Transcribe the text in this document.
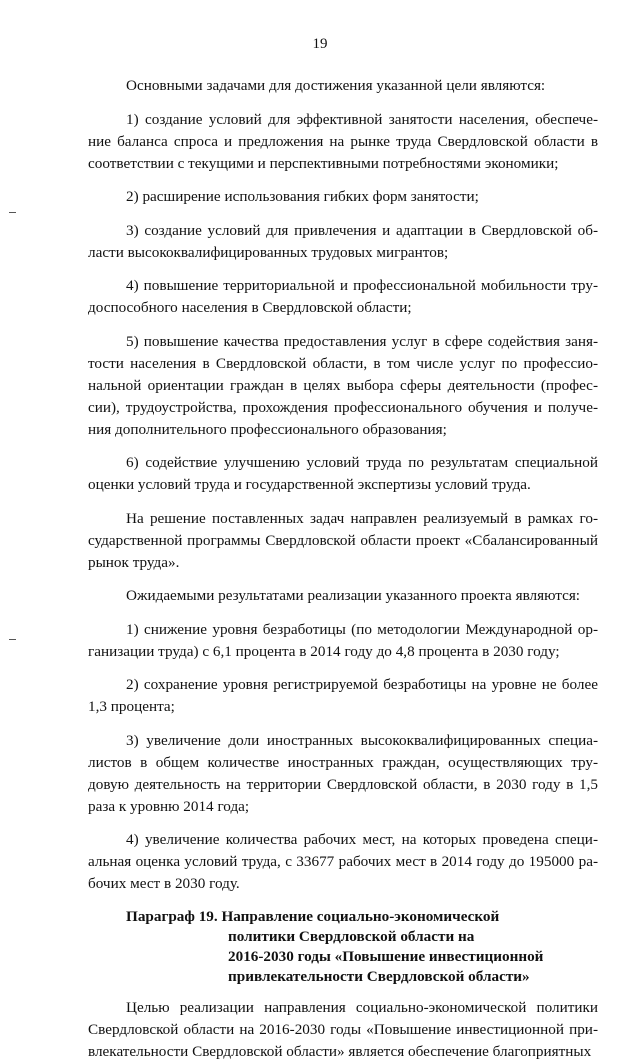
19

Основными задачами для достижения указанной цели являются:

1) создание условий для эффективной занятости населения, обеспечение баланса спроса и предложения на рынке труда Свердловской области в соответствии с текущими и перспективными потребностями экономики;

2) расширение использования гибких форм занятости;

3) создание условий для привлечения и адаптации в Свердловской области высококвалифицированных трудовых мигрантов;

4) повышение территориальной и профессиональной мобильности трудоспособного населения в Свердловской области;

5) повышение качества предоставления услуг в сфере содействия занятости населения в Свердловской области, в том числе услуг по профессиональной ориентации граждан в целях выбора сферы деятельности (профессии), трудоустройства, прохождения профессионального обучения и получения дополнительного профессионального образования;

6) содействие улучшению условий труда по результатам специальной оценки условий труда и государственной экспертизы условий труда.

На решение поставленных задач направлен реализуемый в рамках государственной программы Свердловской области проект «Сбалансированный рынок труда».

Ожидаемыми результатами реализации указанного проекта являются:

1) снижение уровня безработицы (по методологии Международной организации труда) с 6,1 процента в 2014 году до 4,8 процента в 2030 году;

2) сохранение уровня регистрируемой безработицы на уровне не более 1,3 процента;

3) увеличение доли иностранных высококвалифицированных специалистов в общем количестве иностранных граждан, осуществляющих трудовую деятельность на территории Свердловской области, в 2030 году в 1,5 раза к уровню 2014 года;

4) увеличение количества рабочих мест, на которых проведена специальная оценка условий труда, с 33677 рабочих мест в 2014 году до 195000 рабочих мест в 2030 году.

Параграф 19. Направление социально-экономической
политики Свердловской области на
2016-2030 годы «Повышение инвестиционной
привлекательности Свердловской области»

Целью реализации направления социально-экономической политики Свердловской области на 2016-2030 годы «Повышение инвестиционной привлекательности Свердловской области» является обеспечение благоприятных
